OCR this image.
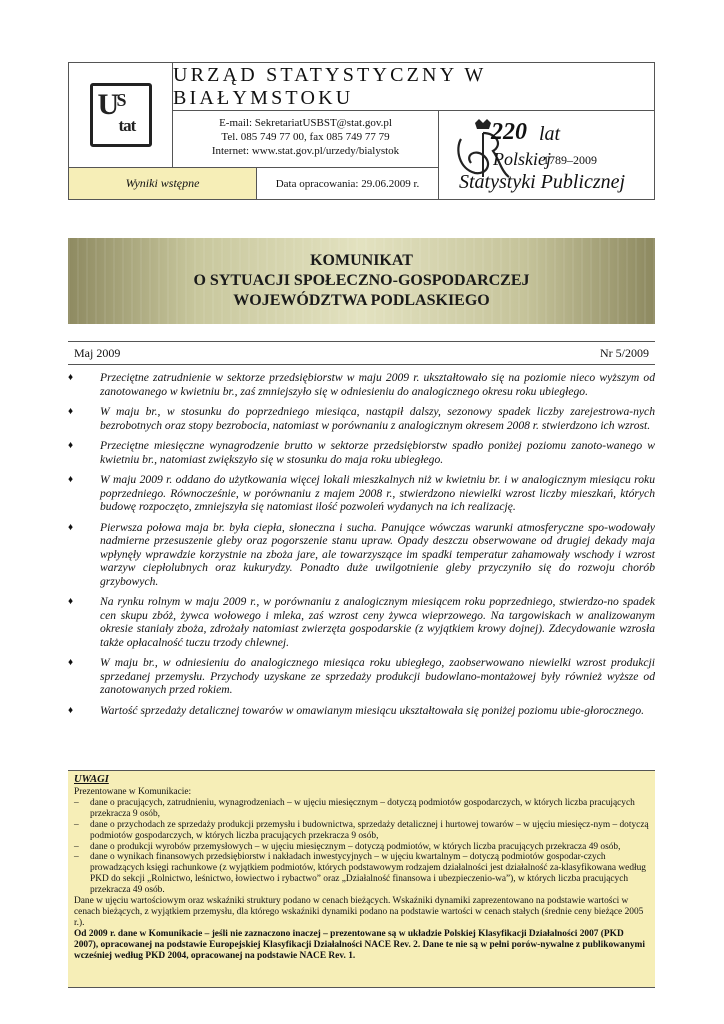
U
S
tat
URZĄD STATYSTYCZNY W BIAŁYMSTOKU
E-mail: SekretariatUSBST@stat.gov.pl
Tel. 085 749 77 00, fax 085 749 77 79
Internet: www.stat.gov.pl/urzedy/bialystok
220 lat
Polskiej
1789–2009
Statystyki Publicznej
Wyniki wstępne	Data opracowania: 29.06.2009 r.
KOMUNIKAT
O SYTUACJI SPOŁECZNO-GOSPODARCZEJ
WOJEWÓDZTWA PODLASKIEGO
Maj 2009	Nr 5/2009
♦ Przeciętne zatrudnienie w sektorze przedsiębiorstw w maju 2009 r. ukształtowało się na poziomie nieco wyższym od zanotowanego w kwietniu br., zaś zmniejszyło się w odniesieniu do analogicznego okresu roku ubiegłego.
♦ W maju br., w stosunku do poprzedniego miesiąca, nastąpił dalszy, sezonowy spadek liczby zarejestrowa-nych bezrobotnych oraz stopy bezrobocia, natomiast w porównaniu z analogicznym okresem 2008 r. stwierdzono ich wzrost.
♦ Przeciętne miesięczne wynagrodzenie brutto w sektorze przedsiębiorstw spadło poniżej poziomu zanoto-wanego w kwietniu br., natomiast zwiększyło się w stosunku do maja roku ubiegłego.
♦ W maju 2009 r. oddano do użytkowania więcej lokali mieszkalnych niż w kwietniu br. i w analogicznym miesiącu roku poprzedniego. Równocześnie, w porównaniu z majem 2008 r., stwierdzono niewielki wzrost liczby mieszkań, których budowę rozpoczęto, zmniejszyła się natomiast ilość pozwoleń wydanych na ich realizację.
♦ Pierwsza połowa maja br. była ciepła, słoneczna i sucha. Panujące wówczas warunki atmosferyczne spo-wodowały nadmierne przesuszenie gleby oraz pogorszenie stanu upraw. Opady deszczu obserwowane od drugiej dekady maja wpłynęły wprawdzie korzystnie na zboża jare, ale towarzyszące im spadki temperatur zahamowały wschody i wzrost warzyw ciepłolubnych oraz kukurydzy. Ponadto duże uwilgotnienie gleby przyczyniło się do rozwoju chorób grzybowych.
♦ Na rynku rolnym w maju 2009 r., w porównaniu z analogicznym miesiącem roku poprzedniego, stwierdzo-no spadek cen skupu zbóż, żywca wołowego i mleka, zaś wzrost ceny żywca wieprzowego. Na targowiskach w analizowanym okresie staniały zboża, zdrożały natomiast zwierzęta gospodarskie (z wyjątkiem krowy dojnej). Zdecydowanie wzrosła także opłacalność tuczu trzody chlewnej.
♦ W maju br., w odniesieniu do analogicznego miesiąca roku ubiegłego, zaobserwowano niewielki wzrost produkcji sprzedanej przemysłu. Przychody uzyskane ze sprzedaży produkcji budowlano-montażowej były również wyższe od zanotowanych przed rokiem.
♦ Wartość sprzedaży detalicznej towarów w omawianym miesiącu ukształtowała się poniżej poziomu ubie-głorocznego.
UWAGI
Prezentowane w Komunikacie:
– dane o pracujących, zatrudnieniu, wynagrodzeniach – w ujęciu miesięcznym – dotyczą podmiotów gospodarczych, w których liczba pracujących przekracza 9 osób,
– dane o przychodach ze sprzedaży produkcji przemysłu i budownictwa, sprzedaży detalicznej i hurtowej towarów – w ujęciu miesięcz-nym – dotyczą podmiotów gospodarczych, w których liczba pracujących przekracza 9 osób,
– dane o produkcji wyrobów przemysłowych – w ujęciu miesięcznym – dotyczą podmiotów, w których liczba pracujących przekracza 49 osób,
– dane o wynikach finansowych przedsiębiorstw i nakładach inwestycyjnych – w ujęciu kwartalnym – dotyczą podmiotów gospodar-czych prowadzących księgi rachunkowe (z wyjątkiem podmiotów, których podstawowym rodzajem działalności jest działalność za-klasyfikowana według PKD do sekcji „Rolnictwo, leśnictwo, łowiectwo i rybactwo” oraz „Działalność finansowa i ubezpieczenio-wa”), w których liczba pracujących przekracza 49 osób.
Dane w ujęciu wartościowym oraz wskaźniki struktury podano w cenach bieżących. Wskaźniki dynamiki zaprezentowano na podstawie wartości w cenach bieżących, z wyjątkiem przemysłu, dla którego wskaźniki dynamiki podano na podstawie wartości w cenach stałych (średnie ceny bieżące 2005 r.).
Od 2009 r. dane w Komunikacie – jeśli nie zaznaczono inaczej – prezentowane są w układzie Polskiej Klasyfikacji Działalności 2007 (PKD 2007), opracowanej na podstawie Europejskiej Klasyfikacji Działalności NACE Rev. 2. Dane te nie są w pełni porów-nywalne z publikowanymi wcześniej według PKD 2004, opracowanej na podstawie NACE Rev. 1.
